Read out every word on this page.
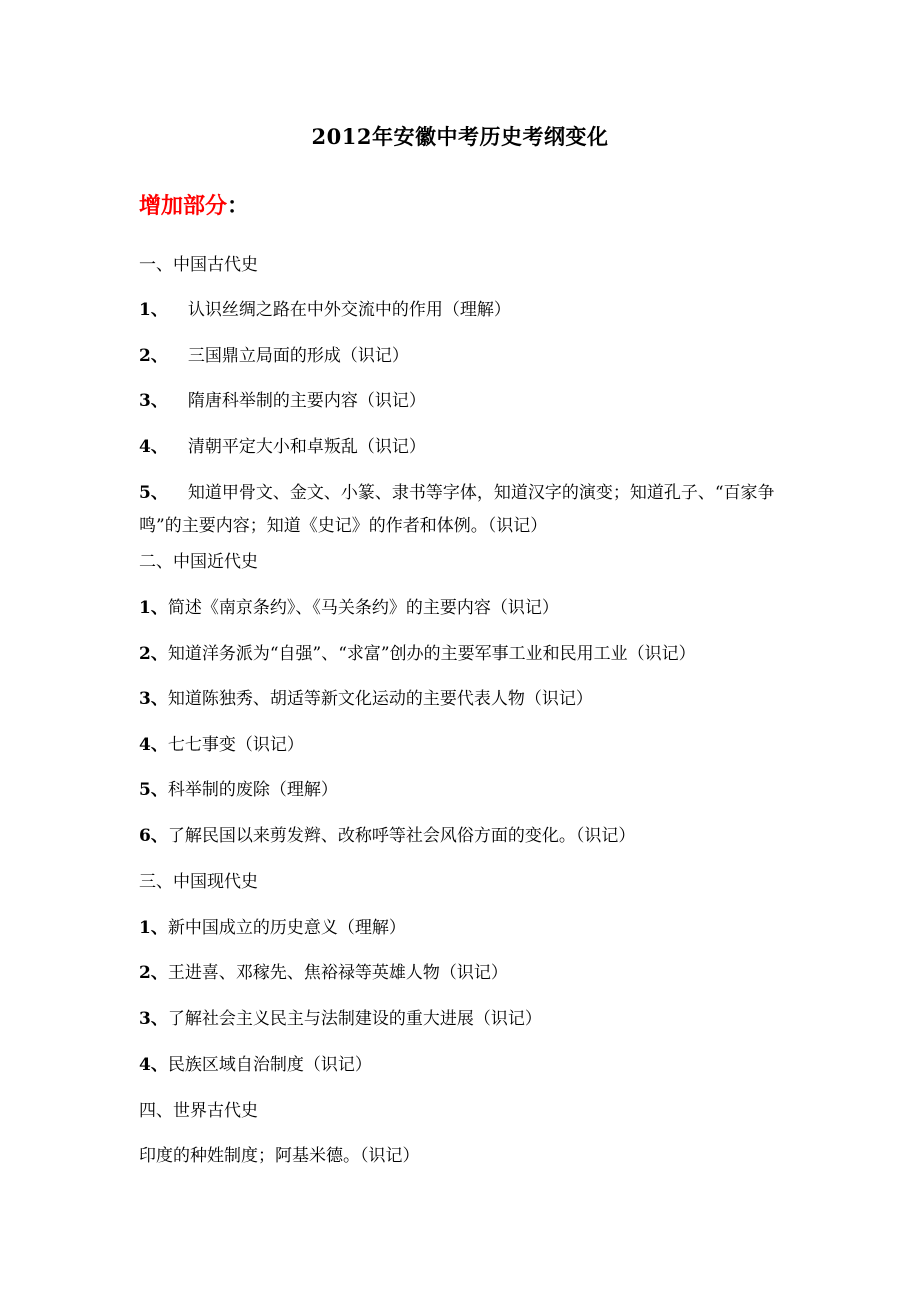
2012年安徽中考历史考纲变化
增加部分：
一、中国古代史
1、 认识丝绸之路在中外交流中的作用（理解）
2、 三国鼎立局面的形成（识记）
3、 隋唐科举制的主要内容（识记）
4、 清朝平定大小和卓叛乱（识记）
5、 知道甲骨文、金文、小篆、隶书等字体，知道汉字的演变；知道孔子、“百家争鸣”的主要内容；知道《史记》的作者和体例。（识记）
二、中国近代史
1、简述《南京条约》、《马关条约》的主要内容（识记）
2、知道洋务派为“自强”、“求富”创办的主要军事工业和民用工业（识记）
3、知道陈独秀、胡适等新文化运动的主要代表人物（识记）
4、七七事变（识记）
5、科举制的废除（理解）
6、了解民国以来剪发辫、改称呼等社会风俗方面的变化。（识记）
三、中国现代史
1、新中国成立的历史意义（理解）
2、王进喜、邓稼先、焦裕禄等英雄人物（识记）
3、了解社会主义民主与法制建设的重大进展（识记）
4、民族区域自治制度（识记）
四、世界古代史
印度的种姓制度；阿基米德。（识记）
